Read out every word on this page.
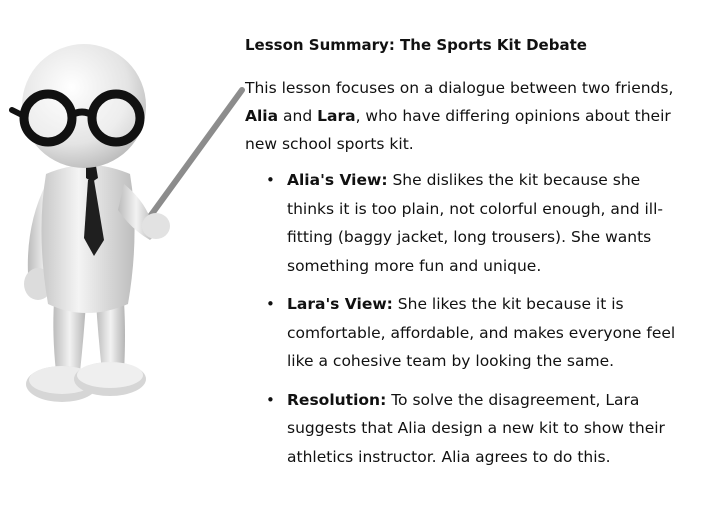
Lesson Summary: The Sports Kit Debate

This lesson focuses on a dialogue between two friends, Alia and Lara, who have differing opinions about their new school sports kit.

• Alia's View: She dislikes the kit because she thinks it is too plain, not colorful enough, and ill-fitting (baggy jacket, long trousers). She wants something more fun and unique.
• Lara's View: She likes the kit because it is comfortable, affordable, and makes everyone feel like a cohesive team by looking the same.
• Resolution: To solve the disagreement, Lara suggests that Alia design a new kit to show their athletics instructor. Alia agrees to do this.
